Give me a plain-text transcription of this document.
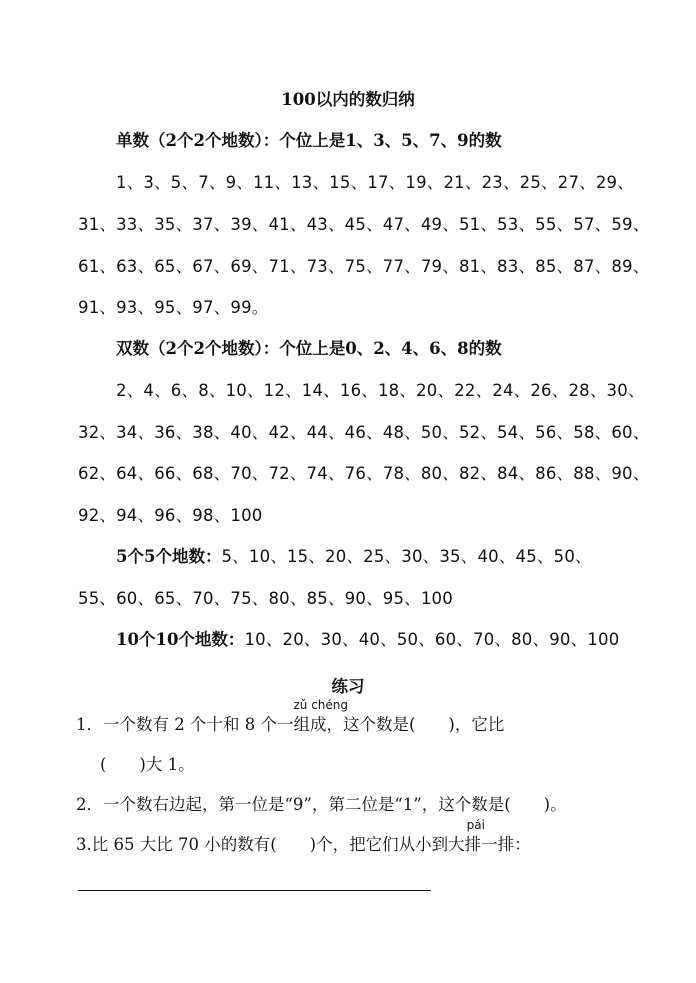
100以内的数归纳
单数（2个2个地数）：个位上是1、3、5、7、9的数
1、3、5、7、9、11、13、15、17、19、21、23、25、27、29、
31、33、35、37、39、41、43、45、47、49、51、53、55、57、59、
61、63、65、67、69、71、73、75、77、79、81、83、85、87、89、
91、93、95、97、99。
双数（2个2个地数）：个位上是0、2、4、6、8的数
2、4、6、8、10、12、14、16、18、20、22、24、26、28、30、
32、34、36、38、40、42、44、46、48、50、52、54、56、58、60、
62、64、66、68、70、72、74、76、78、80、82、84、86、88、90、
92、94、96、98、100
5个5个地数：5、10、15、20、25、30、35、40、45、50、
55、60、65、70、75、80、85、90、95、100
10个10个地数：10、20、30、40、50、60、70、80、90、100
练习
1．一个数有 2 个十和 8 个一
zǔ chéng
组成，这个数是(　　)，它比
(　　)大 1。
2．一个数右边起，第一位是“9”，第二位是“1”，这个数是(　　)。
3.比 65 大比 70 小的数有(　　)个，把它们从小到大
pái
排一排：
